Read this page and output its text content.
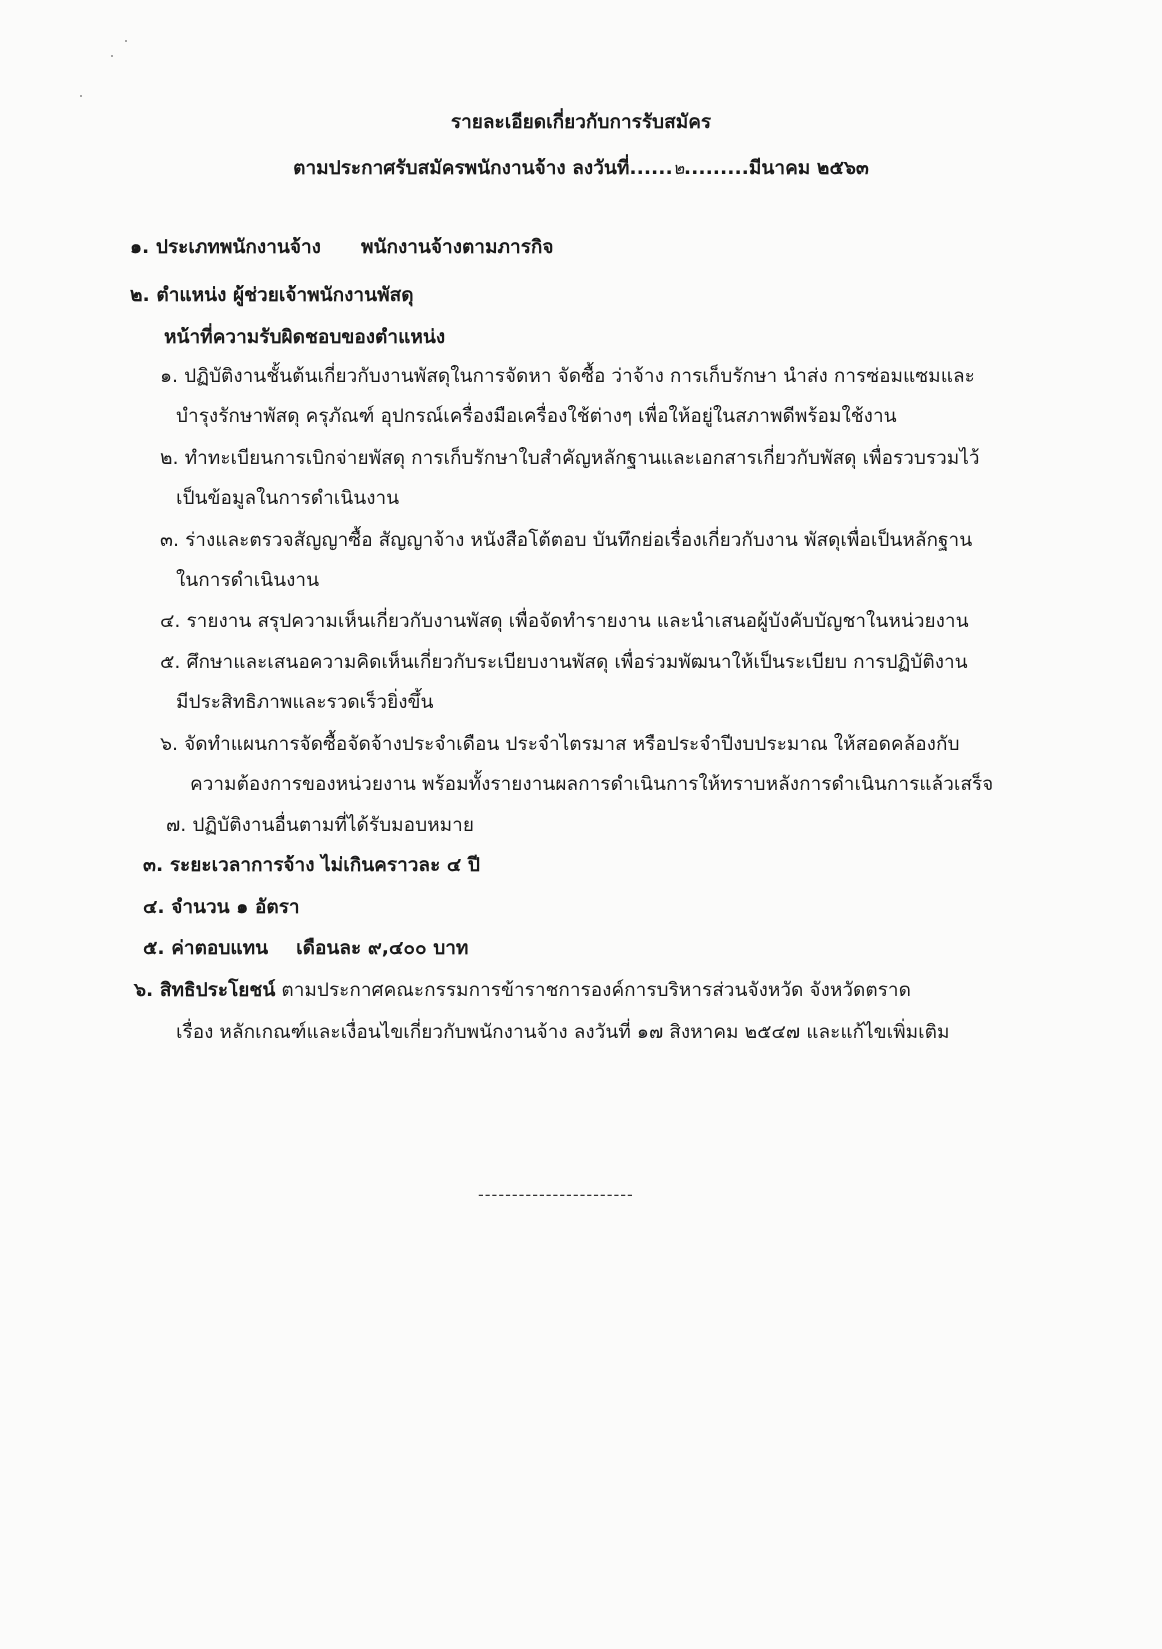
รายละเอียดเกี่ยวกับการรับสมัคร
ตามประกาศรับสมัครพนักงานจ้าง ลงวันที่......๒.........มีนาคม ๒๕๖๓
๑. ประเภทพนักงานจ้าง พนักงานจ้างตามภารกิจ
๒. ตำแหน่ง ผู้ช่วยเจ้าพนักงานพัสดุ
หน้าที่ความรับผิดชอบของตำแหน่ง
๑. ปฏิบัติงานชั้นต้นเกี่ยวกับงานพัสดุในการจัดหา จัดซื้อ ว่าจ้าง การเก็บรักษา นำส่ง การซ่อมแซมและ
บำรุงรักษาพัสดุ ครุภัณฑ์ อุปกรณ์เครื่องมือเครื่องใช้ต่างๆ เพื่อให้อยู่ในสภาพดีพร้อมใช้งาน
๒. ทำทะเบียนการเบิกจ่ายพัสดุ การเก็บรักษาใบสำคัญหลักฐานและเอกสารเกี่ยวกับพัสดุ เพื่อรวบรวมไว้
เป็นข้อมูลในการดำเนินงาน
๓. ร่างและตรวจสัญญาซื้อ สัญญาจ้าง หนังสือโต้ตอบ บันทึกย่อเรื่องเกี่ยวกับงาน พัสดุเพื่อเป็นหลักฐาน
ในการดำเนินงาน
๔. รายงาน สรุปความเห็นเกี่ยวกับงานพัสดุ เพื่อจัดทำรายงาน และนำเสนอผู้บังคับบัญชาในหน่วยงาน
๕. ศึกษาและเสนอความคิดเห็นเกี่ยวกับระเบียบงานพัสดุ เพื่อร่วมพัฒนาให้เป็นระเบียบ การปฏิบัติงาน
มีประสิทธิภาพและรวดเร็วยิ่งขึ้น
๖. จัดทำแผนการจัดซื้อจัดจ้างประจำเดือน ประจำไตรมาส หรือประจำปีงบประมาณ ให้สอดคล้องกับ
ความต้องการของหน่วยงาน พร้อมทั้งรายงานผลการดำเนินการให้ทราบหลังการดำเนินการแล้วเสร็จ
๗. ปฏิบัติงานอื่นตามที่ได้รับมอบหมาย
๓. ระยะเวลาการจ้าง ไม่เกินคราวละ ๔ ปี
๔. จำนวน ๑ อัตรา
๕. ค่าตอบแทน เดือนละ ๙,๔๐๐ บาท
๖. สิทธิประโยชน์ ตามประกาศคณะกรรมการข้าราชการองค์การบริหารส่วนจังหวัด จังหวัดตราด
เรื่อง หลักเกณฑ์และเงื่อนไขเกี่ยวกับพนักงานจ้าง ลงวันที่ ๑๗ สิงหาคม ๒๕๔๗ และแก้ไขเพิ่มเติม
-----------------------
